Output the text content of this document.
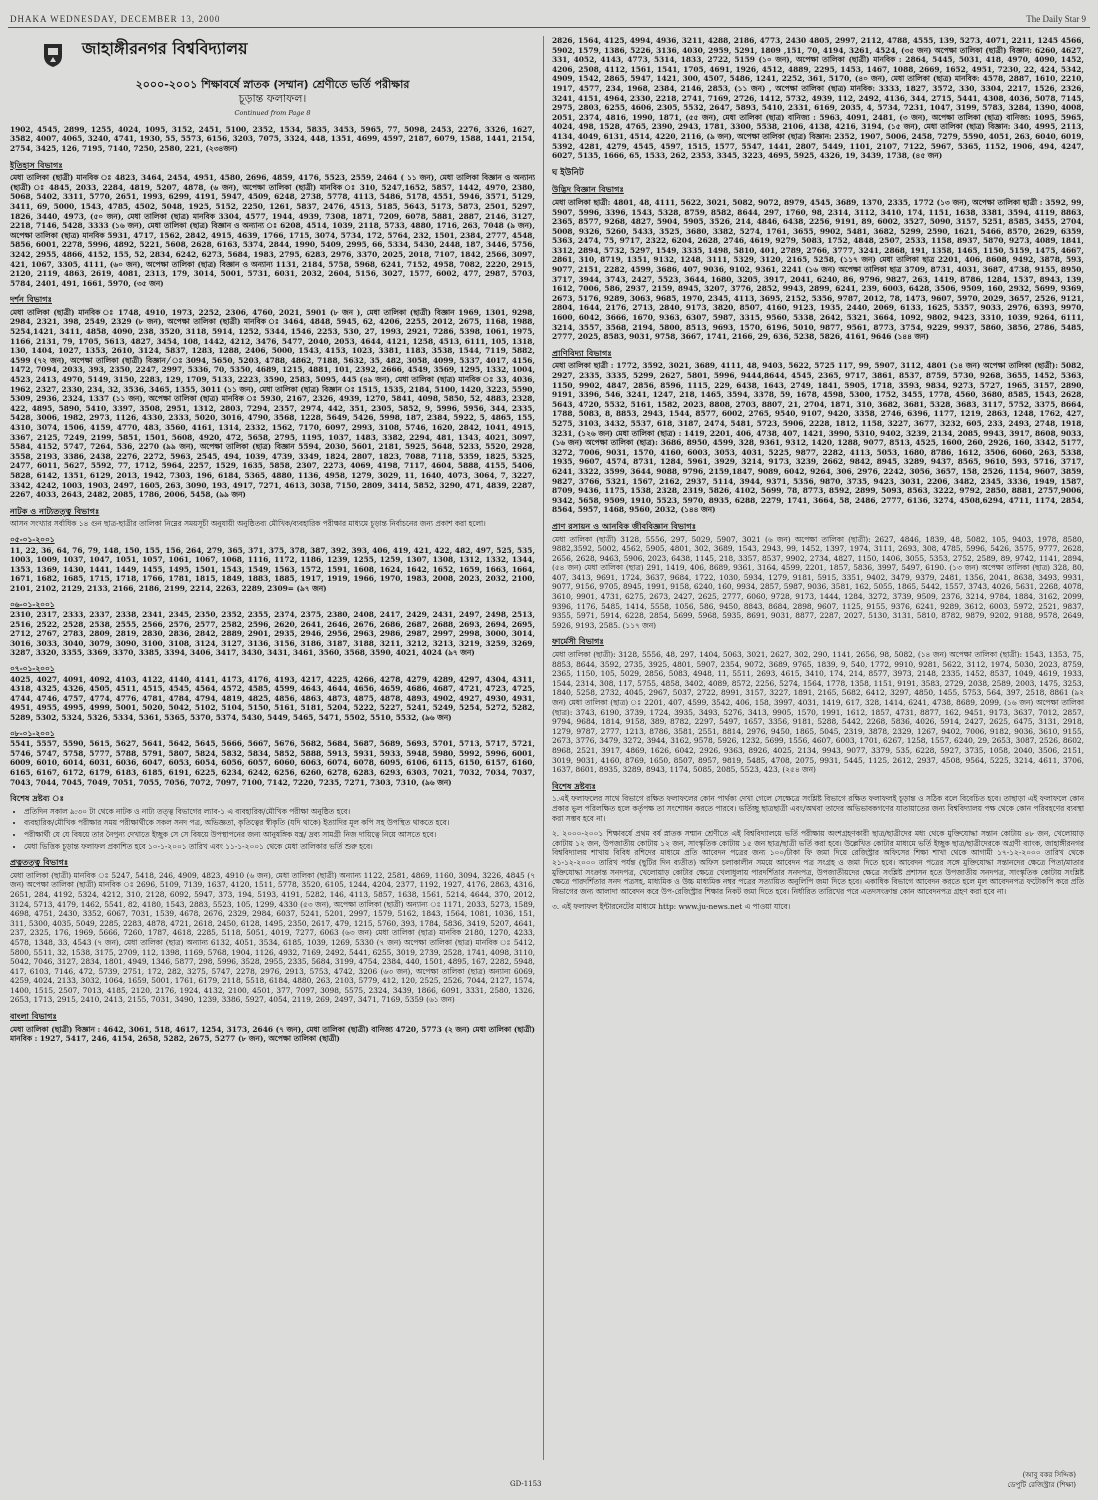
DHAKA WEDNESDAY, DECEMBER 13, 2000	The Daily Star 9
জাহাঙ্গীরনগর বিশ্ববিদ্যালয়
২০০০-২০০১ শিক্ষাবর্ষে স্নাতক (সম্মান) শ্রেণীতে ভর্তি পরীক্ষার
চূড়ান্ত ফলাফল।
Continued from Page 8
1902, 4545, 2899, 1255, 4024, 1095, 3152, 2451, 5100, 2352, 1534, 5835, 3453, 5965, 77, 5098, 2453, 2276, 3326, 1627, 3582, 4007, 4065, 3240, 4741, 1930, 55, 5573, 6156, 3203, 7075, 3324, 448, 1351, 4699, 4597, 2187, 6079, 1588, 1441, 2154, 2754, 3425, 126, 7195, 7140, 7250, 2580, 221, (২৩৪জন)
ইতিহাস বিভাগঃ
মেধা তালিকা (ছাত্রী) মানবিক ঃ 4823, 3464, 2454, 4951, 4580, 2696, 4859, 4176, 5523, 2559, 2464 ( ১১ জন), মেধা তালিকা বিজ্ঞান ও অন্যান্য (ছাত্রী) ঃ 4845, 2033, 2284, 4819, 5207, 4878, (৬ জন), অপেক্ষা তালিকা (ছাত্রী) মানবিক ঃ 310, 5247,1652, 5857, 1442, 4970, 2380, 5068, 5402, 3311, 5770, 2651, 1993, 6299, 4191, 5947, 4509, 6248, 2738, 5778, 4113, 5486, 5178, 4551, 5946, 3571, 5129, 3411, 69, 5000, 1543, 4785, 4502, 5048, 1925, 5152, 2250, 1261, 5837, 2476, 4513, 5185, 5643, 5173, 5873, 2501, 5297, 1826, 3440, 4973, (৫০ জন), মেধা তালিকা (ছাত্র) মানবিক 3304, 4577, 1944, 4939, 7308, 1871, 7209, 6078, 5881, 2887, 2146, 3127, 2218, 7146, 5428, 3333 (১৬ জন), মেধা তালিকা (ছাত্র) বিজ্ঞান ও অন্যান্য ঃ 6208, 4514, 1039, 2118, 5733, 4880, 1716, 263, 7048 (৯ জন), অপেক্ষা তালিকা (ছাত্র) মানবিক 5931, 4717, 1562, 2842, 4915, 4639, 1766, 1715, 3074, 5734, 172, 5764, 232, 1501, 2384, 2777, 4548, 5856, 6001, 2278, 5996, 4892, 5221, 5608, 2628, 6163, 5374, 2844, 1990, 5409, 2995, 66, 5334, 5430, 2448, 187, 3446, 5756, 3242, 2955, 4866, 4152, 155, 52, 2834, 6242, 6273, 5684, 1983, 2795, 6283, 2976, 3370, 2025, 2018, 7107, 1842, 2566, 3097, 421, 1067, 3305, 4111, (৬০ জন), অপেক্ষা তালিকা (ছাত্র) বিজ্ঞান ও অন্যান্য 1131, 2184, 5758, 5968, 6241, 7152, 4958, 7082, 2220, 2915, 2120, 2119, 4863, 2619, 4081, 2313, 179, 3014, 5001, 5731, 6031, 2032, 2604, 5156, 3027, 1577, 6002, 477, 2987, 5703, 5784, 2401, 491, 1661, 5970, (৩৫ জন)
দর্শন বিভাগঃ
মেধা তালিকা (ছাত্রী) মানবিক ঃ 1748, 4910, 1973, 2252, 2306, 4760, 2021, 5901 (৮ জন ), মেধা তালিকা (ছাত্রী) বিজ্ঞান 1969, 1301, 9298, 2984, 2321, 398, 2549, 2329 (৮ জন), অপেক্ষা তালিকা (ছাত্রী) মানবিক ঃ 3464, 4848, 5945, 62, 4206, 2255, 2012, 2675, 1168, 1988, 5254,1421, 3411, 4858, 4090, 238, 3520, 3118, 5914, 1252, 5344, 1546, 2253, 530, 27, 1993, 2921, 7286, 5398, 1061, 1975, 1166, 2131, 79, 1705, 5613, 4827, 3454, 108, 1442, 4212, 3476, 5477, 2040, 2053, 4644, 4121, 1258, 4513, 6111, 105, 1318, 130, 1404, 1027, 1353, 2610, 3124, 5837, 1283, 1288, 2406, 5000, 1543, 4153, 1023, 3381, 1183, 3538, 1544, 7119, 5882, 4599 (৭২ জন), অপেক্ষা তালিকা (ছাত্রী) বিজ্ঞান/ঃ 3094, 5650, 5203, 4788, 4862, 7188, 5632, 35, 482, 3058, 4099, 5337, 4017, 4156, 1472, 7094, 2033, 393, 2350, 2247, 2997, 5336, 70, 5350, 4689, 1215, 4881, 101, 2392, 2666, 4549, 3569, 1295, 1332, 1004, 4523, 2413, 4970, 5149, 3150, 2283, 129, 1709, 5133, 2223, 3590, 2583, 5095, 445 (৪৯ জন), মেধা তালিকা (ছাত্র) মানবিক ঃ 33, 4036, 1962, 2327, 2330, 234, 32, 3536, 3465, 1355, 3011 (১১ জন), মেধা তালিকা (ছাত্র) বিজ্ঞান ঃ 1515, 1535, 2184, 5100, 1420, 3223, 5590, 5309, 2936, 2324, 1337 (১১ জন), অপেক্ষা তালিকা (ছাত্র) মানবিক ঃ 5930, 2167, 2326, 4939, 1270, 5841, 4098, 5850, 52, 4883, 2328, 422, 4895, 5890, 5410, 3397, 3508, 2951, 1312, 2803, 7294, 2357, 2974, 442, 351, 2305, 5852, 9, 5996, 5956, 344, 2335, 5428, 3006, 1982, 2973, 1126, 4330, 2333, 5020, 3016, 4790, 3568, 1228, 5649, 5426, 5998, 187, 2384, 5922, 5, 4865, 155, 4310, 3074, 1506, 4159, 4770, 483, 3560, 4161, 1314, 2332, 1562, 7170, 6097, 2993, 3108, 5746, 1620, 2842, 1041, 4915, 3367, 2125, 7249, 2199, 5851, 1501, 5608, 4920, 472, 5658, 2795, 1195, 1037, 1483, 3382, 2294, 481, 1343, 4021, 3097, 5584, 4152, 5747, 7264, 536, 2270 (৯৯ জন), অপেক্ষা তালিকা (ছাত্র) বিজ্ঞান 5594, 2030, 5601, 2181, 5925, 5648, 5233, 5520, 2928, 3558, 2193, 3386, 2438, 2276, 2272, 5963, 2545, 494, 1039, 4739, 3349, 1824, 2807, 1823, 7088, 7118, 5359, 1825, 5325, 2477, 6011, 5627, 5592, 77, 1712, 5964, 2257, 1529, 1635, 5858, 2307, 2273, 4069, 4198, 7117, 4604, 5888, 4155, 5406, 5828, 6142, 1351, 6129, 2013, 1942, 7303, 196, 6184, 5365, 4880, 1136, 4958, 1279, 3029, 11, 1640, 4073, 3064, 7, 3227, 3342, 4242, 1003, 1903, 2497, 1605, 263, 3090, 193, 4917, 7271, 4613, 3038, 7150, 2809, 3414, 5852, 3290, 471, 4839, 2287, 2267, 4033, 2643, 2482, 2085, 1786, 2006, 5458, (৯৯ জন)
নাটক ও নাট্যতত্ত্ব বিভাগঃ
আসন সংখ্যার সর্বাধিক ১৪ গুন ছাত্র-ছাত্রীর তালিকা নিম্নের সময়সূচী অনুযায়ী অনুষ্ঠিতব্য মৌখিক/ব্যবহারিক পরীক্ষার মাধ্যমে চূড়ান্ত নির্বাচনের জন্য প্রকাশ করা হলো।
০৫-০১-২০০১
11, 22, 36, 64, 76, 79, 148, 150, 155, 156, 264, 279, 365, 371, 375, 378, 387, 392, 393, 406, 419, 421, 422, 482, 497, 525, 535, 1003, 1009, 1037, 1047, 1051, 1057, 1061, 1067, 1068, 1116, 1172, 1186, 1239, 1255, 1259, 1307, 1308, 1312, 1332, 1344, 1353, 1369, 1430, 1441, 1449, 1455, 1495, 1501, 1543, 1549, 1563, 1572, 1591, 1608, 1624, 1642, 1652, 1659, 1663, 1664, 1671, 1682, 1685, 1715, 1718, 1766, 1781, 1815, 1849, 1883, 1885, 1917, 1919, 1966, 1970, 1983, 2008, 2023, 2032, 2100, 2101, 2102, 2129, 2133, 2166, 2186, 2199, 2214, 2263, 2289, 2309= (৯৭ জন)
০৬-০১-২০০১
2310, 2317, 2333, 2337, 2338, 2341, 2345, 2350, 2352, 2355, 2374, 2375, 2380, 2408, 2417, 2429, 2431, 2497, 2498, 2513, 2516, 2522, 2528, 2538, 2555, 2566, 2576, 2577, 2582, 2596, 2620, 2641, 2646, 2676, 2686, 2687, 2688, 2693, 2694, 2695, 2712, 2767, 2783, 2809, 2819, 2830, 2836, 2842, 2889, 2901, 2935, 2946, 2956, 2963, 2986, 2987, 2997, 2998, 3000, 3014, 3016, 3033, 3040, 3079, 3090, 3100, 3108, 3124, 3127, 3136, 3156, 3186, 3187, 3188, 3211, 3212, 3213, 3219, 3259, 3269, 3287, 3320, 3355, 3369, 3370, 3385, 3394, 3406, 3417, 3430, 3431, 3461, 3560, 3568, 3590, 4021, 4024 (৯৭ জন)
০৭-০১-২০০১
4025, 4027, 4091, 4092, 4103, 4122, 4140, 4141, 4173, 4176, 4193, 4217, 4225, 4266, 4278, 4279, 4289, 4297, 4304, 4311, 4318, 4325, 4326, 4505, 4511, 4515, 4545, 4564, 4572, 4585, 4599, 4643, 4644, 4656, 4659, 4686, 4687, 4721, 4723, 4725, 4744, 4746, 4757, 4774, 4776, 4781, 4784, 4794, 4819, 4825, 4856, 4863, 4873, 4875, 4878, 4893, 4902, 4927, 4930, 4931, 4951, 4955, 4995, 4999, 5001, 5020, 5042, 5102, 5104, 5150, 5161, 5181, 5204, 5222, 5227, 5241, 5249, 5254, 5272, 5282, 5289, 5302, 5324, 5326, 5334, 5361, 5365, 5370, 5374, 5430, 5449, 5465, 5471, 5502, 5510, 5532, (৯৬ জন)
০৮-০১-২০০১
5541, 5557, 5590, 5615, 5627, 5641, 5642, 5645, 5666, 5667, 5676, 5682, 5684, 5687, 5689, 5693, 5701, 5713, 5717, 5721, 5746, 5747, 5758, 5777, 5788, 5791, 5807, 5824, 5832, 5834, 5852, 5888, 5913, 5931, 5933, 5948, 5980, 5992, 5996, 6001, 6009, 6010, 6014, 6031, 6036, 6047, 6053, 6054, 6056, 6057, 6060, 6063, 6074, 6078, 6095, 6106, 6115, 6150, 6157, 6160, 6165, 6167, 6172, 6179, 6183, 6185, 6191, 6225, 6234, 6242, 6256, 6260, 6278, 6283, 6293, 6303, 7021, 7032, 7034, 7037, 7043, 7044, 7045, 7049, 7051, 7055, 7056, 7072, 7097, 7100, 7142, 7220, 7235, 7271, 7303, 7310, (৯৬ জন)
বিশেষ দ্রষ্টব্য ঃ
• প্রতিদিন সকাল ৯:৩০ টা থেকে নাটক ও নাট্য তত্ত্ব বিভাগের ল্যাব-১ এ ব্যবহারিক/মৌখিক পরীক্ষা অনুষ্ঠিত হবে।
• ব্যবহারিক/মৌখিক পরীক্ষার সময় পরীক্ষার্থীকে সকল সনদ পত্র, অভিজ্ঞতা, কৃতিত্বের স্বীকৃতি (যদি থাকে) ইত্যাদির মূল কপি সহ উপস্থিত থাকতে হবে।
• পরীক্ষার্থী যে যে বিষয়ে তার নৈপুন্য দেখাতে ইচ্ছুক সে সে বিষয়ে উপস্থাপনের জন্য আনুষঙ্গিক যন্ত্র/ দ্রব্য সামগ্রী নিজ দায়িত্বে নিয়ে আসতে হবে।
• মেধা ভিত্তিক চূড়ান্ত ফলাফল প্রকাশিত হবে ১০-১-২০০১ তারিখ এবং ১১-১-২০০১ থেকে মেধা তালিকার ভর্তি শুরু হবে।
প্রত্নতত্ত্ব বিভাগঃ
মেধা তালিকা (ছাত্রী) মানবিক ঃ 5247, 5418, 246, 4909, 4823, 4910 (৬ জন), মেধা তালিকা (ছাত্রী) অন্যান্য 1122, 2581, 4869, 1160, 3094, 3226, 4845 (৭ জন) অপেক্ষা তালিকা (ছাত্রী) মানবিক ঃ 2696, 5109, 7139, 1637, 4120, 1511, 5778, 3520, 6105, 1244, 4204, 2377, 1192, 1927, 4176, 2863, 4316, 2651, 284, 4192, 5324, 4212, 310, 2128, 6092, 5947, 373, 194, 5193, 4191, 5282, 146, 4113, 5857, 1638, 1561, 5214, 4644, 370, 2012, 3124, 5713, 4179, 1462, 5541, 82, 4180, 1543, 2883, 5523, 105, 1299, 4330 (৫৩ জন), অপেক্ষা তালিকা (ছাত্রী) অন্যান্য ঃ 1171, 2033, 5273, 1589, 4698, 4751, 2430, 3352, 6067, 7031, 1539, 4678, 2676, 2329, 2984, 6037, 5241, 5201, 2997, 1579, 5162, 1843, 1564, 1081, 1036, 151, 311, 5300, 4035, 5049, 2285, 2283, 4878, 4721, 2618, 2450, 6128, 1495, 2350, 2617, 479, 1215, 5760, 393, 1784, 5836, 3419, 5207, 4641, 237, 2325, 176, 1969, 5666, 7260, 1787, 4618, 2285, 5118, 5051, 4019, 7277, 6063 (৬৩ জন) মেধা তালিকা (ছাত্র) মানবিক 2180, 1270, 4233, 4578, 1348, 33, 4543 (৭ জন), মেধা তালিকা (ছাত্র) অন্যান্য 6132, 4051, 3534, 6185, 1039, 1269, 5330 (৭ জন) অপেক্ষা তালিকা (ছাত্র) মানবিক ঃ 5412, 5800, 5511, 32, 1538, 3175, 2709, 112, 1398, 1169, 5768, 1904, 1126, 4932, 7169, 2492, 5441, 6255, 3019, 2739, 2528, 1741, 4098, 3110, 5042, 7046, 3127, 2834, 1801, 4949, 1346, 5877, 298, 5996, 3528, 2955, 2335, 5684, 3199, 4754, 2384, 440, 1501, 4895, 167, 2282, 5948, 417, 6103, 7146, 472, 5739, 2751, 172, 282, 3275, 5747, 2278, 2976, 2913, 5753, 4742, 3206 (৬৩ জন), অপেক্ষা তালিকা (ছাত্র) অন্যান্য 6069, 4259, 4024, 2133, 3032, 1064, 1659, 5001, 1761, 6179, 2118, 5518, 6184, 4880, 263, 2103, 5779, 412, 120, 2525, 2526, 7044, 2127, 1574, 1400, 1515, 2507, 7013, 4185, 2120, 2176, 1924, 4132, 2100, 4501, 377, 7097, 3098, 5575, 2324, 3439, 1866, 6091, 3331, 2580, 1326, 2653, 1713, 2915, 2410, 2413, 2155, 7031, 3490, 1239, 3386, 5927, 4054, 2119, 269, 2497, 3471, 7169, 5359 (৬১ জন)
বাংলা বিভাগঃ
মেধা তালিকা (ছাত্রী) বিজ্ঞান : 4642, 3061, 518, 4617, 1254, 3173, 2646 (৭ জন), মেধা তালিকা (ছাত্রী) বানিজ্য 4720, 5773 (২ জন) মেধা তালিকা (ছাত্রী) মানবিক : 1927, 5417, 246, 4154, 2658, 5282, 2675, 5277 (৮ জন), অপেক্ষা তালিকা (ছাত্রী)
2826, 1564, 4125, 4994, 4936, 3211, 4288, 2186, 4773, 2430 4805, 2997, 2112, 4788, 4555, 139, 5273, 4071, 2211, 1245 4566, 5902, 1579, 1386, 5226, 3136, 4030, 2959, 5291, 1809 ,151, 70, 4194, 3261, 4524, (৩৫ জন) অপেক্ষা তালিকা (ছাত্রী) বিজ্ঞান: 6260, 4627, 331, 4052, 4143, 4773, 5314, 1833, 2722, 5159 (১০ জন), অপেক্ষা তালিকা (ছাত্রী) মানবিক : 2864, 5445, 5031, 418, 4970, 4090, 1452, 4206, 2508, 4112, 1561, 1541, 1705, 4691, 1926, 4512, 4889, 2295, 1453, 1467, 1088, 2669, 1652, 4951, 7230, 22, 424, 5342, 4909, 1542, 2865, 5947, 1421, 300, 4507, 5486, 1241, 2252, 361, 5170, (৪০ জন), মেধা তালিকা (ছাত্র) মানবিক: 4578, 2887, 1610, 2210, 1917, 4577, 234, 1968, 2384, 2146, 2853, (১১ জন) , অপেক্ষা তালিকা (ছাত্র) মানবিক: 3333, 1827, 3572, 330, 3304, 2217, 1526, 2326, 3241, 4151, 4964, 2330, 2218, 2741, 7169, 2726, 1412, 5732, 4939, 112, 2492, 4136, 344, 2715, 5441, 4308, 4036, 5078, 7145, 2975, 2803, 6255, 4606, 2305, 5532, 2647, 5893, 5410, 2331, 6169, 2035, 4, 5734, 7231, 1047, 3199, 5783, 3284, 1390, 4008, 2051, 2374, 4816, 1990, 1871, (৫৫ জন), মেধা তালিকা (ছাত্র) বানিজ্য : 5963, 4091, 2481, (৩ জন), অপেক্ষা তালিকা (ছাত্র) বানিজ্য: 1095, 5965, 4024, 498, 1528, 4765, 2390, 2943, 1781, 3300, 5538, 2106, 4138, 4216, 3194, (১৫ জন), মেধা তালিকা (ছাত্র) বিজ্ঞান: 340, 4995, 2113, 4134, 4049, 6131, 4514, 4220, 2116, (৯ জন), অপেক্ষা তালিকা (ছাত্র) বিজ্ঞান: 2352, 1907, 5006, 2458, 7279, 5590, 4051, 263, 6040, 6019, 5392, 4281, 4279, 4545, 4597, 1515, 1577, 5547, 1441, 2807, 5449, 1101, 2107, 7122, 5967, 5365, 1152, 1906, 494, 4247, 6027, 5135, 1666, 65, 1533, 262, 2353, 3345, 3223, 4695, 5925, 4326, 19, 3439, 1738, (৪৫ জন)
ঘ ইউনিট
উদ্ভিদ বিজ্ঞান বিভাগঃ
মেধা তালিকা ছাত্রী: 4801, 48, 4111, 5622, 3021, 5082, 9072, 8979, 4545, 3689, 1370, 2335, 1772 (১৩ জন), অপেক্ষা তালিকা ছাত্রী : 3592, 99, 5907, 5996, 3396, 1543, 5328, 8759, 8582, 8644, 297, 1760, 98, 2314, 3112, 3410, 174, 1151, 1638, 3381, 3594, 4119, 8863, 2365, 8577, 9268, 4827, 5904, 5905, 3526, 214, 4846, 6438, 2256, 9191, 89, 6002, 3527, 5090, 3157, 5251, 8585, 3455, 2704, 5008, 9326, 5260, 5433, 3525, 3680, 3382, 5274, 1761, 3655, 9902, 5481, 3682, 5299, 2590, 1621, 5466, 8570, 2629, 6359, 5363, 2474, 75, 9717, 2322, 6204, 2628, 2746, 4619, 9279, 5083, 1752, 4848, 2507, 2533, 1158, 8937, 5870, 9273, 4089, 1841, 3312, 2894, 5732, 5297, 1549, 3335, 1498, 5810, 401, 2789, 2766, 3777, 3241, 2868, 191, 1358, 1465, 1150, 5159, 1475, 4667, 2861, 310, 8719, 1351, 9132, 1248, 3111, 5329, 3120, 2165, 5258, (১১৭ জন) মেধা তালিকা ছাত্র 2201, 406, 8608, 9492, 3878, 593, 9077, 2151, 2282, 4599, 3686, 407, 9036, 9102, 9361, 2241 (১৬ জন) অপেক্ষা তালিকা ছাত্র 3709, 8731, 4031, 3687, 4738, 9155, 8950, 3717, 3944, 3743, 2427, 5523, 3644, 1680, 3205, 3917, 2041, 6240, 86, 9796, 9827, 263, 1419, 8786, 1284, 1537, 8943, 139, 1612, 7006, 586, 2937, 2159, 8945, 3207, 3776, 2852, 9943, 2899, 6241, 239, 6003, 6428, 3506, 9509, 160, 2932, 5699, 9369, 2673, 5176, 9289, 3063, 9685, 1970, 2345, 4113, 3695, 2152, 5356, 9787, 2012, 78, 1473, 9607, 5970, 2029, 3657, 2526, 9121, 2804, 1644, 2176, 2713, 2840, 9173, 3820, 8507, 4160, 9123, 1935, 2440, 2069, 6133, 1625, 5357, 9033, 2976, 6393, 9970, 1600, 6042, 3666, 1670, 9363, 6307, 5987, 3315, 9560, 5338, 2642, 5321, 3664, 1092, 9802, 9423, 3310, 1039, 9264, 6111, 3214, 3557, 3568, 2194, 5800, 8513, 9693, 1570, 6196, 5010, 9877, 9561, 8773, 3754, 9229, 9937, 5860, 3856, 2786, 5485, 2777, 2025, 8583, 9031, 9758, 3667, 1741, 2166, 29, 636, 5238, 5826, 4161, 9646 (১৪৪ জন)
প্রাণিবিদ্যা বিভাগঃ
মেধা তালিকা ছাত্রী : 1772, 3592, 3021, 3689, 4111, 48, 9403, 5622, 5725 117, 99, 5907, 3112, 4801 (১৪ জন) অপেক্ষা তালিকা (ছাত্রী): 5082, 2927, 2335, 3335, 5299, 2627, 5801, 5996, 9444,8644, 4545, 2365, 9717, 3861, 8537, 8759, 5730, 9268, 3655, 1452, 5363, 1150, 9902, 4847, 2856, 8596, 1115, 229, 6438, 1643, 2749, 1841, 5905, 1718, 3593, 9834, 9273, 5727, 1965, 3157, 2890, 9191, 3396, 546, 3241, 1247, 218, 1465, 3594, 3378, 59, 1678, 4598, 5300, 1752, 3455, 1778, 4560, 3680, 8585, 1543, 2628, 5643, 4720, 5532, 5161, 1582, 2023, 8808, 2703, 8807, 21, 2704, 1871, 310, 3682, 3681, 5328, 3683, 3117, 5752, 3375, 8664, 1788, 5083, 8, 8853, 2943, 1544, 8577, 6002, 2765, 9540, 9107, 9420, 3358, 2746, 6396, 1177, 1219, 2863, 1248, 1762, 427, 5275, 3103, 3432, 5537, 618, 3187, 2474, 5481, 5723, 5906, 2228, 1812, 1158, 3227, 3677, 3232, 605, 233, 2493, 2748, 1918, 3231, (১২৬ জন) মেধা তালিকা (ছাত্র) : 1419, 2201, 406, 4738, 407, 1421, 3990, 5310, 9402, 3239, 2134, 2085, 9943, 3917, 8608, 9033,(১৬ জন) অপেক্ষা তালিকা (ছাত্র): 3686, 8950, 4599, 328, 9361, 9312, 1420, 1288, 9077, 8513, 4525, 1600, 260, 2926, 160, 3342, 5177, 3272, 7006, 9031, 1570, 4160, 6003, 3053, 4031, 5225, 9877, 2282, 4113, 5053, 1680, 8786, 1612, 3506, 6060, 263, 5338, 1935, 9607, 4574, 8731, 1284, 5961, 3929, 3214, 9173, 3239, 2662, 9842, 8945, 3289, 9437, 8565, 9610, 593, 5716, 3717, 6241, 3322, 3599, 3644, 9088, 9796, 2159,1847, 9089, 6042, 9264, 306, 2976, 2242, 3056, 3657, 158, 2526, 1154, 9607, 3859, 9827, 3766, 5321, 1567, 2162, 2937, 5114, 3944, 9371, 5356, 9870, 3735, 9423, 3031, 2206, 3482, 2345, 3336, 1949, 1587, 8709, 9436, 1175, 1538, 2328, 2319, 5826, 4102, 5699, 78, 8773, 8592, 2899, 5093, 8563, 3222, 9792, 2850, 8881, 2757,9006, 9342, 5658, 9509, 1910, 5523, 5970, 8935, 6288, 2279, 1741, 3664, 58, 2486, 2777, 6136, 3274, 4508,6294, 4711, 1174, 2854, 8564, 5957, 1468, 9560, 2032, (১৪৪ জন)
প্রাণ রসায়ন ও আনবিক জীববিজ্ঞান বিভাগঃ
মেধা তালিকা (ছাত্রী) 3128, 5556, 297, 5029, 5907, 3021 (৬ জন) অপেক্ষা তালিকা (ছাত্রী): 2627, 4846, 1839, 48, 5082, 105, 9403, 1978, 8580, 9882,3592, 5002, 4562, 5905, 4801, 302, 3689, 1543, 2943, 99, 1452, 1397, 1974, 3111, 2693, 308, 4785, 5996, 5426, 3575, 9777, 2628, 2656, 2628, 9463, 5906, 2023, 6438, 1145, 218, 3357, 8537, 9902, 2734, 4827, 1150, 1406, 3055, 5353, 2752, 2589, 89, 9742, 1141, 2894, (৫৪ জন) মেধা তালিকা (ছাত্র) 291, 1419, 406, 8689, 9361, 3164, 4599, 2201, 1857, 5836, 3997, 5497, 6190. (১৩ জন) অপেক্ষা তালিকা (ছাত্র) 328, 80, 407, 3413, 9691, 1724, 3637, 9684, 1722, 1030, 5934, 1279, 9181, 5915, 3351, 9402, 3479, 9379, 2481, 1356, 2041, 8638, 3493, 9931, 9077, 9156, 9705, 8945, 1991, 9158, 6240, 160, 9934, 2857, 5987, 9036, 3581, 162, 5055, 1865, 5442, 1557, 3743, 4026, 5631, 2268, 4078, 3610, 9901, 4731, 6275, 2673, 2427, 2625, 2777, 6060, 9728, 9173, 1444, 1284, 3272, 3739, 9509, 2376, 3214, 9784, 1884, 3162, 2099, 9396, 1176, 5485, 1414, 5558, 1056, 586, 9450, 8843, 8684, 2898, 9607, 1125, 9155, 9376, 6241, 9289, 3612, 6003, 5972, 2521, 9837, 9355, 5971, 5914, 6228, 2854, 5699, 5968, 5935, 8691, 9031, 8877, 2287, 2027, 5130, 3131, 5810, 8782, 9879, 9202, 9188, 9578, 2649, 5926, 9193, 2585. (১১৭ জন)
ফার্মেসী বিভাগঃ
মেধা তালিকা (ছাত্রী): 3128, 5556, 48, 297, 1404, 5063, 3021, 2627, 302, 290, 1141, 2656, 98, 5082, (১৪ জন) অপেক্ষা তালিকা (ছাত্রী): 1543, 1353, 75, 8853, 8644, 3592, 2735, 3925, 4801, 5907, 2354, 9072, 3689, 9765, 1839, 9, 540, 1772, 9910, 9281, 5622, 3112, 1974, 5030, 2023, 8759, 2365, 1150, 105, 5029, 2856, 5083, 4948, 11, 5511, 2693, 4615, 3410, 174, 214, 8577, 3973, 2148, 2335, 1452, 8537, 1049, 4619, 1933, 1544, 2314, 308, 117, 5755, 4858, 3402, 4089, 8572, 2256, 5274, 1564, 1778, 1358, 1151, 9191, 3583, 2729, 2038, 2589, 2003, 1475, 3253, 1840, 5258, 2732, 4045, 2967, 5037, 2722, 8991, 3157, 3227, 1891, 2165, 5682, 6412, 3297, 4850, 1455, 5753, 564, 397, 2518, 8861 (৯২ জন) মেধা তালিকা (ছাত্র) ঃ 2201, 407, 4599, 3542, 406, 158, 3997, 4031, 1419, 617, 328, 1414, 6241, 4738, 8689, 2099, (১৬ জন) অপেক্ষা তালিকা (ছাত্র): 3743, 6190, 3739, 1724, 3935, 3493, 5276, 3413, 9905, 1570, 1991, 1612, 1857, 4731, 8877, 162, 9451, 9173, 3637, 7012, 2857, 9794, 9684, 1814, 9158, 389, 8782, 2297, 5497, 1657, 3356, 9181, 5288, 5442, 2268, 5836, 4026, 5914, 2427, 2625, 6475, 3131, 2918, 1279, 9787, 2777, 1213, 8786, 3581, 2551, 8814, 2976, 9450, 1865, 5045, 2319, 3878, 2329, 1267, 9402, 7006, 9182, 9036, 3610, 9155, 2673, 3776, 3479, 3272, 3944, 3162, 9578, 5926, 1232, 5699, 1556, 4607, 6003, 1701, 6267, 1258, 1557, 6240, 29, 2653, 3087, 2526, 8602, 8968, 2521, 3917, 4869, 1626, 6042, 2926, 9363, 8926, 4025, 2134, 9943, 9077, 3379, 535, 6228, 5927, 3735, 1058, 2040, 3506, 2151, 3019, 9031, 4160, 8769, 1650, 8507, 8957, 9819, 5485, 4708, 2075, 9931, 5445, 1125, 2612, 2937, 4508, 9564, 5225, 3214, 4611, 3706, 1637, 8601, 8935, 3289, 8943, 1174, 5085, 2085, 5523, 423, (২৫৪ জন)
বিশেষ দ্রষ্টব্যঃ
১.এই ফলাফলের সাথে বিভাগে রক্ষিত ফলাফলের কোন পার্থক্য দেখা গেলে সেক্ষেত্রে সংশ্লিষ্ট বিভাগে রক্ষিত ফলাফলই চূড়ান্ত ও সঠিক বলে বিবেচিত হবে। তাছাড়া এই ফলাফলে কোন প্রকার ভুল পরিলক্ষিত হলে কর্তৃপক্ষ তা সংশোধন করতে পারবে। ভর্তিচ্ছু ছাত্রছাত্রী এবং/অথবা তাদের অভিভাবকগণের যাতায়াতের জন্য বিশ্ববিদ্যালয় পক্ষ থেকে কোন পরিবহণের ব্যবস্থা করা সম্ভব হবে না।
২. ২০০০-২০০১ শিক্ষাবর্ষে প্রথম বর্ষ স্নাতক সম্মান শ্রেণীতে এই বিশ্ববিদ্যালয়ে ভর্তি পরীক্ষায় অংশগ্রহণকারী ছাত্র/ছাত্রীদের মধ্য থেকে মুক্তিযোদ্ধা সন্তান কোটায় ৪৮ জন, খেলোয়াড় কোটায় ১২ জন, উপজাতীয় কোটায় ১২ জন, সাংস্কৃতিক কোটায় ১৫ জন ছাত্র/ছাত্রী ভর্তি করা হবে। উল্লেখিত কোটার মাধ্যমে ভর্তি ইচ্ছুক ছাত্র/ছাত্রীদেরকে অগ্রণী ব্যাংক, জাহাঙ্গীরনগর বিশ্ববিদ্যালয় শাখায় বিবিধ রশিদের মাধ্যমে প্রতি আবেদন পত্রের জন্য ১০০/টাকা ফি জমা দিয়ে রেজিস্ট্রার অফিসের শিক্ষা শাখা থেকে আগামী ১৭-১২-২০০০ তারিখ থেকে ২১-১২-২০০০ তারিখ পর্যন্ত (ছুটির দিন ব্যতীত) অফিস চলাকালীন সময়ে আবেদন পত্র সংগ্রহ ও জমা দিতে হবে। আবেদন পত্রের সঙ্গে মুক্তিযোদ্ধা সন্তানদের ক্ষেত্রে পিতা/মাতার মুক্তিযোদ্ধা সংক্রান্ত সনদপত্র, খেলোয়াড় কোটার ক্ষেত্রে খেলাধুলায় পারদর্শিতার সনদপত্র, উপজাতীয়দের ক্ষেত্রে সংশ্লিষ্ট প্রশাসন হতে উপজাতীয় সনদপত্র, সাংস্কৃতিক কোটায় সংশ্লিষ্ট ক্ষেত্রে পারদর্শিতার সনদ পত্রসহ, মাধ্যমিক ও উচ্চ মাধ্যমিক নম্বর পত্রের সত্যায়িত অনুলিপি জমা দিতে হবে। একাধিক বিভাগে আবেদন করতে হলে মূল আবেদনপত্র ফটোকপি করে প্রতি বিভাগের জন্য আলাদা আবেদন করে উপ-রেজিস্ট্রার শিক্ষার নিকট জমা দিতে হবে। নির্ধারিত তারিখের পরে এতদসংক্রান্ত কোন আবেদনপত্র গ্রহণ করা হবে না।
৩. এই ফলাফল ইন্টারনেটের মাধ্যমে http: www.ju-news.net এ পাওয়া যাবে।
GD-1153
(আবু বকর সিদ্দিক)
ডেপুটি রেজিস্ট্রার (শিক্ষা)
